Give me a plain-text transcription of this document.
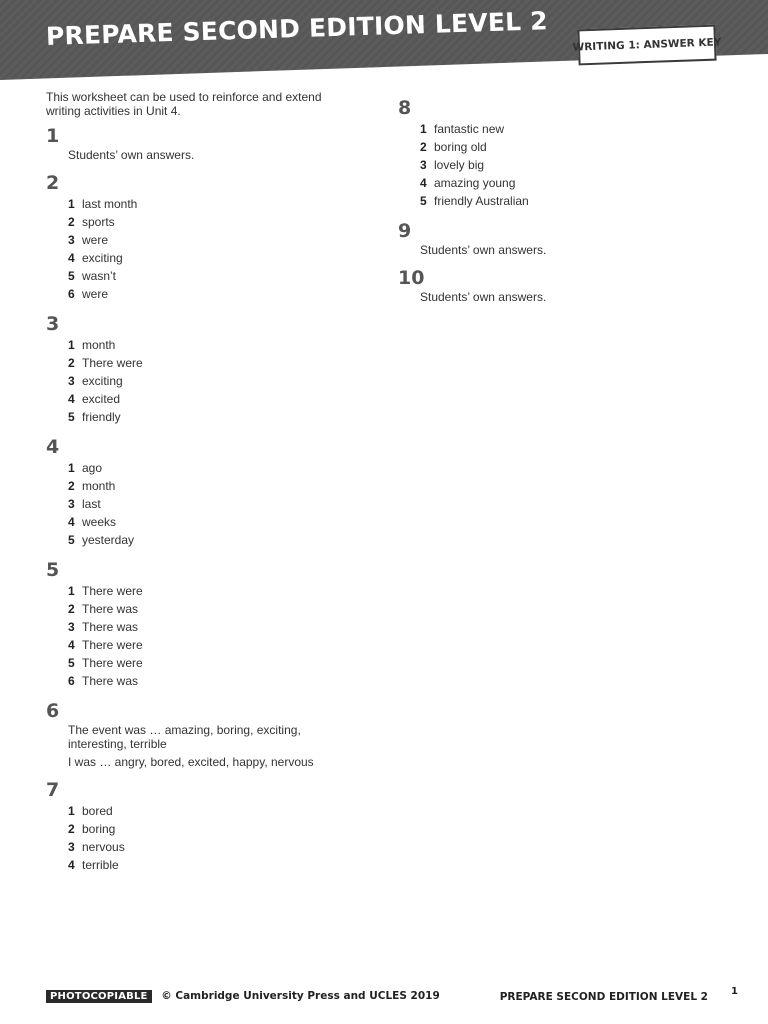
PREPARE SECOND EDITION LEVEL 2 WRITING 1: ANSWER KEY

This worksheet can be used to reinforce and extend writing activities in Unit 4.

1

Students’ own answers.

2
1 last month
2 sports
3 were
4 exciting
5 wasn’t
6 were
3
1 month
2 There were
3 exciting
4 excited
5 friendly
4
1 ago
2 month
3 last
4 weeks
5 yesterday
5
1 There were
2 There was
3 There was
4 There were
5 There were
6 There was
6

The event was … amazing, boring, exciting, interesting, terrible

I was … angry, bored, excited, happy, nervous

7
1 bored
2 boring
3 nervous
4 terrible
8
1 fantastic new
2 boring old
3 lovely big
4 amazing young
5 friendly Australian
9

Students’ own answers.

10

Students’ own answers.

PHOTOCOPIABLE © Cambridge University Press and UCLES 2019	PREPARE SECOND EDITION LEVEL 2 1
